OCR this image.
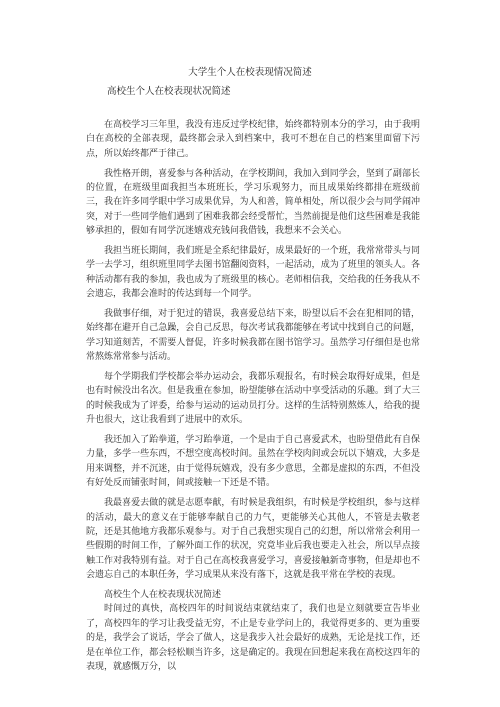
大学生个人在校表现情况简述
高校生个人在校表现状况简述

在高校学习三年里，我没有违反过学校纪律，始终都特别本分的学习，由于我明白在高校的全部表现，最终都会录入到档案中，我可不想在自己的档案里面留下污点，所以始终都严于律己。

我性格开朗，喜爱参与各种活动，在学校期间，我加入到同学会，坚到了副部长的位置，在班级里面我担当本班班长，学习乐观努力，而且成果始终都排在班级前三，我在许多同学眼中学习成果优异，为人和善，简单相处，所以很少会与同学闹冲突，对于一些同学他们遇到了困难我都会经受帮忙，当然前提是他们这些困难是我能够承担的，假如有同学沉迷嬉戏充钱问我借钱，我想来不会关心。

我担当班长期间，我们班是全系纪律最好，成果最好的一个班，我常常带头与同学一去学习，组织班里同学去图书馆翻阅资料，一起活动，成为了班里的领头人。各种活动都有我的参加，我也成为了班级里的核心。老师相信我，交给我的任务我从不会遗忘，我都会准时的传达到每一个同学。

我做事仔细，对于犯过的错误，我喜爱总结下来，盼望以后不会在犯相同的错，始终都在避开自己急躁，会自己反思，每次考试我都能够在考试中找到自己的问题，学习知道刻苦，不需要人督促，许多时候我都在图书馆学习。虽然学习仔细但是也常常熬炼常常参与活动。

每个学期我们学校都会举办运动会，我都乐观报名，有时候会取得好成果，但是也有时候没出名次。但是我重在参加，盼望能够在活动中享受活动的乐趣。到了大三的时候我成为了评委，给参与运动的运动员打分。这样的生活特别熬炼人，给我的提升也很大，这让我看到了进展中的欢乐。

我还加入了跆拳道，学习跆拳道，一个是由于自己喜爱武术，也盼望借此有自保力量，多学一些东西，不想空度高校时间。虽然在学校肉间或会玩以下嬉戏，大多是用来调整，并不沉迷，由于觉得玩嬉戏，没有多少意思，全都是虚拟的东西，不但没有好处反而铺张时间，间或接触一下还是不错。

我最喜爱去做的就是志愿奉献，有时候是我组织，有时候是学校组织，参与这样的活动，最大的意义在于能够奉献自己的力气，更能够关心其他人，不管是去敬老院，还是其他地方我都乐观参与。对于自己我想实现自己的幻想，所以常常会利用一些假期的时间工作，了解外面工作的状况，究竟毕业后我也要走入社会，所以早点接触工作对我特别有益。对于自己在高校我喜爱学习，喜爱接触新奇事物，但是却也不会遗忘自己的本职任务，学习成果从来没有落下，这就是我平常在学校的表现。

高校生个人在校表现状况简述

时间过的真快，高校四年的时间说结束就结束了，我们也是立刻就要宣告毕业了，高校四年的学习让我受益无穷，不止是专业学问上的，我觉得更多的、更为重要的是，我学会了说话，学会了做人，这是我步入社会最好的成熟，无论是找工作，还是在单位工作，都会轻松顺当许多，这是确定的。我现在回想起来我在高校这四年的表现，就感慨万分，以
